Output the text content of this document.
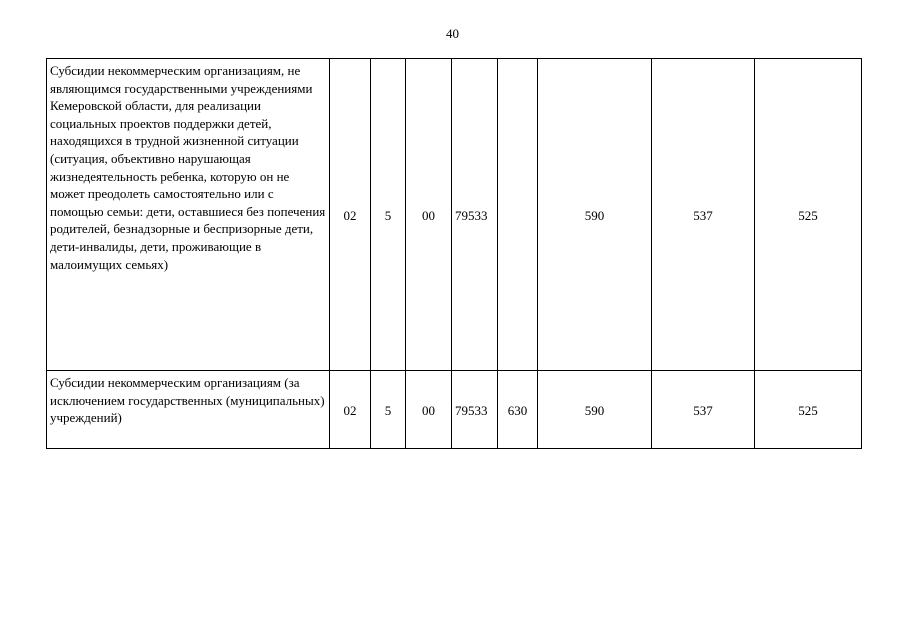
40
Субсидии некоммерческим организациям, не являющимся государственными учреждениями Кемеровской области, для реализации социальных проектов поддержки детей, находящихся в трудной жизненной ситуации (ситуация, объективно нарушающая жизнедеятельность ребенка, которую он не может преодолеть самостоятельно или с помощью семьи: дети, оставшиеся без попечения родителей, безнадзорные и беспризорные дети, дети-инвалиды, дети, проживающие в малоимущих семьях)	02	5	00	79533		590	537	525
Субсидии некоммерческим организациям (за исключением государственных (муниципальных) учреждений)	02	5	00	79533	630	590	537	525
